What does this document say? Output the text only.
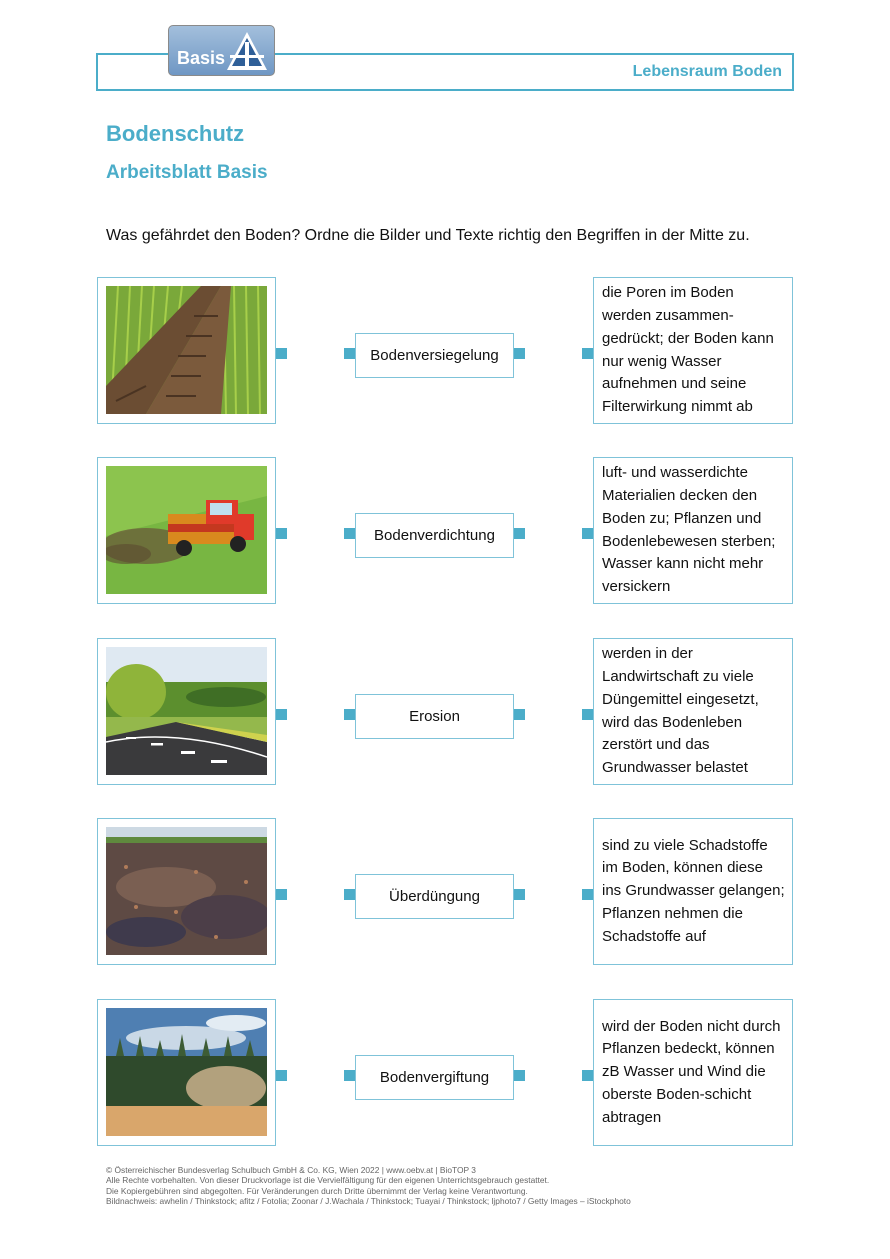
Lebensraum Boden
Basis
Bodenschutz
Arbeitsblatt Basis
Was gefährdet den Boden? Ordne die Bilder und Texte richtig den Begriffen in der Mitte zu.
Bodenversiegelung
die Poren im Boden werden zusammen-gedrückt; der Boden kann nur wenig Wasser aufnehmen und seine Filterwirkung nimmt ab
Bodenverdichtung
luft- und wasserdichte Materialien decken den Boden zu; Pflanzen und Bodenlebewesen sterben; Wasser kann nicht mehr versickern
Erosion
werden in der Landwirtschaft zu viele Düngemittel eingesetzt, wird das Bodenleben zerstört und das Grundwasser belastet
Überdüngung
sind zu viele Schadstoffe im Boden, können diese ins Grundwasser gelangen; Pflanzen nehmen die Schadstoffe auf
Bodenvergiftung
wird der Boden nicht durch Pflanzen bedeckt, können zB Wasser und Wind die oberste Boden-schicht abtragen
© Österreichischer Bundesverlag Schulbuch GmbH & Co. KG, Wien 2022 | www.oebv.at | BioTOP 3
Alle Rechte vorbehalten. Von dieser Druckvorlage ist die Vervielfältigung für den eigenen Unterrichtsgebrauch gestattet.
Die Kopiergebühren sind abgegolten. Für Veränderungen durch Dritte übernimmt der Verlag keine Verantwortung.
Bildnachweis: awhelin / Thinkstock; afitz / Fotolia; Zoonar / J.Wachala / Thinkstock; Tuayai / Thinkstock; ljphoto7 / Getty Images – iStockphoto
